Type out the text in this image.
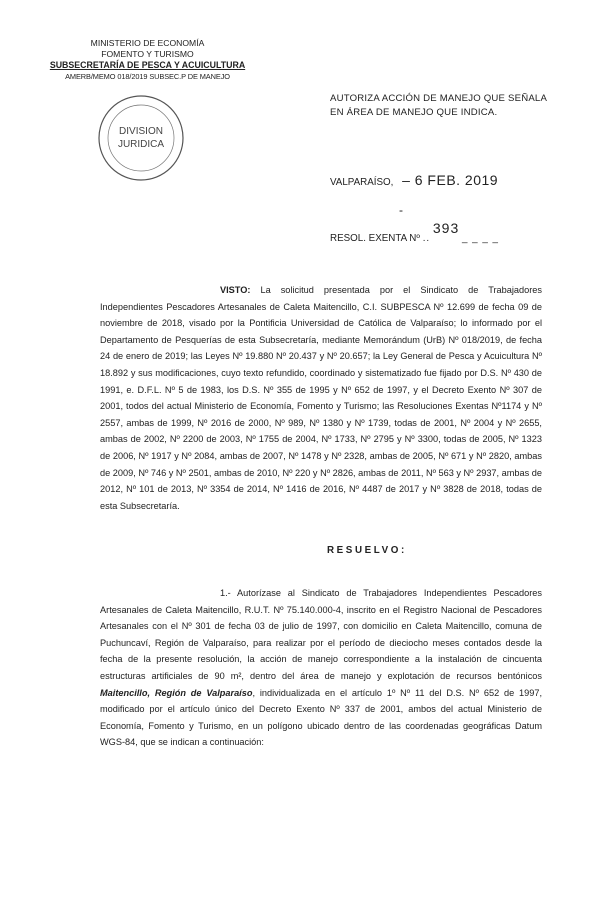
MINISTERIO DE ECONOMÍA
FOMENTO Y TURISMO
SUBSECRETARÍA DE PESCA Y ACUICULTURA
AMERB/MEMO 018/2019 SUBSEC.P DE MANEJO
DIVISION
JURIDICA
AUTORIZA ACCIÓN DE MANEJO QUE SEÑALA EN ÁREA DE MANEJO QUE INDICA.
VALPARAÍSO, – 6 FEB. 2019
-
RESOL. EXENTA Nº .. 393 _ _ _ _
VISTO: La solicitud presentada por el Sindicato de Trabajadores Independientes Pescadores Artesanales de Caleta Maitencillo, C.I. SUBPESCA Nº 12.699 de fecha 09 de noviembre de 2018, visado por la Pontificia Universidad de Católica de Valparaíso; lo informado por el Departamento de Pesquerías de esta Subsecretaría, mediante Memorándum (UrB) Nº 018/2019, de fecha 24 de enero de 2019; las Leyes Nº 19.880 Nº 20.437 y Nº 20.657; la Ley General de Pesca y Acuicultura Nº 18.892 y sus modificaciones, cuyo texto refundido, coordinado y sistematizado fue fijado por D.S. Nº 430 de 1991, e. D.F.L. Nº 5 de 1983, los D.S. Nº 355 de 1995 y Nº 652 de 1997, y el Decreto Exento Nº 307 de 2001, todos del actual Ministerio de Economía, Fomento y Turismo; las Resoluciones Exentas Nº1174 y Nº 2557, ambas de 1999, Nº 2016 de 2000, Nº 989, Nº 1380 y Nº 1739, todas de 2001, Nº 2004 y Nº 2655, ambas de 2002, Nº 2200 de 2003, Nº 1755 de 2004, Nº 1733, Nº 2795 y Nº 3300, todas de 2005, Nº 1323 de 2006, Nº 1917 y Nº 2084, ambas de 2007, Nº 1478 y Nº 2328, ambas de 2005, Nº 671 y Nº 2820, ambas de 2009, Nº 746 y Nº 2501, ambas de 2010, Nº 220 y Nº 2826, ambas de 2011, Nº 563 y Nº 2937, ambas de 2012, Nº 101 de 2013, Nº 3354 de 2014, Nº 1416 de 2016, Nº 4487 de 2017 y Nº 3828 de 2018, todas de esta Subsecretaría.
RESUELVO:
1.- Autorízase al Sindicato de Trabajadores Independientes Pescadores Artesanales de Caleta Maitencillo, R.U.T. Nº 75.140.000-4, inscrito en el Registro Nacional de Pescadores Artesanales con el Nº 301 de fecha 03 de julio de 1997, con domicilio en Caleta Maitencillo, comuna de Puchuncaví, Región de Valparaíso, para realizar por el período de dieciocho meses contados desde la fecha de la presente resolución, la acción de manejo correspondiente a la instalación de cincuenta estructuras artificiales de 90 m², dentro del área de manejo y explotación de recursos bentónicos Maitencillo, Región de Valparaíso, individualizada en el artículo 1º Nº 11 del D.S. Nº 652 de 1997, modificado por el artículo único del Decreto Exento Nº 337 de 2001, ambos del actual Ministerio de Economía, Fomento y Turismo, en un polígono ubicado dentro de las coordenadas geográficas Datum WGS-84, que se indican a continuación:
